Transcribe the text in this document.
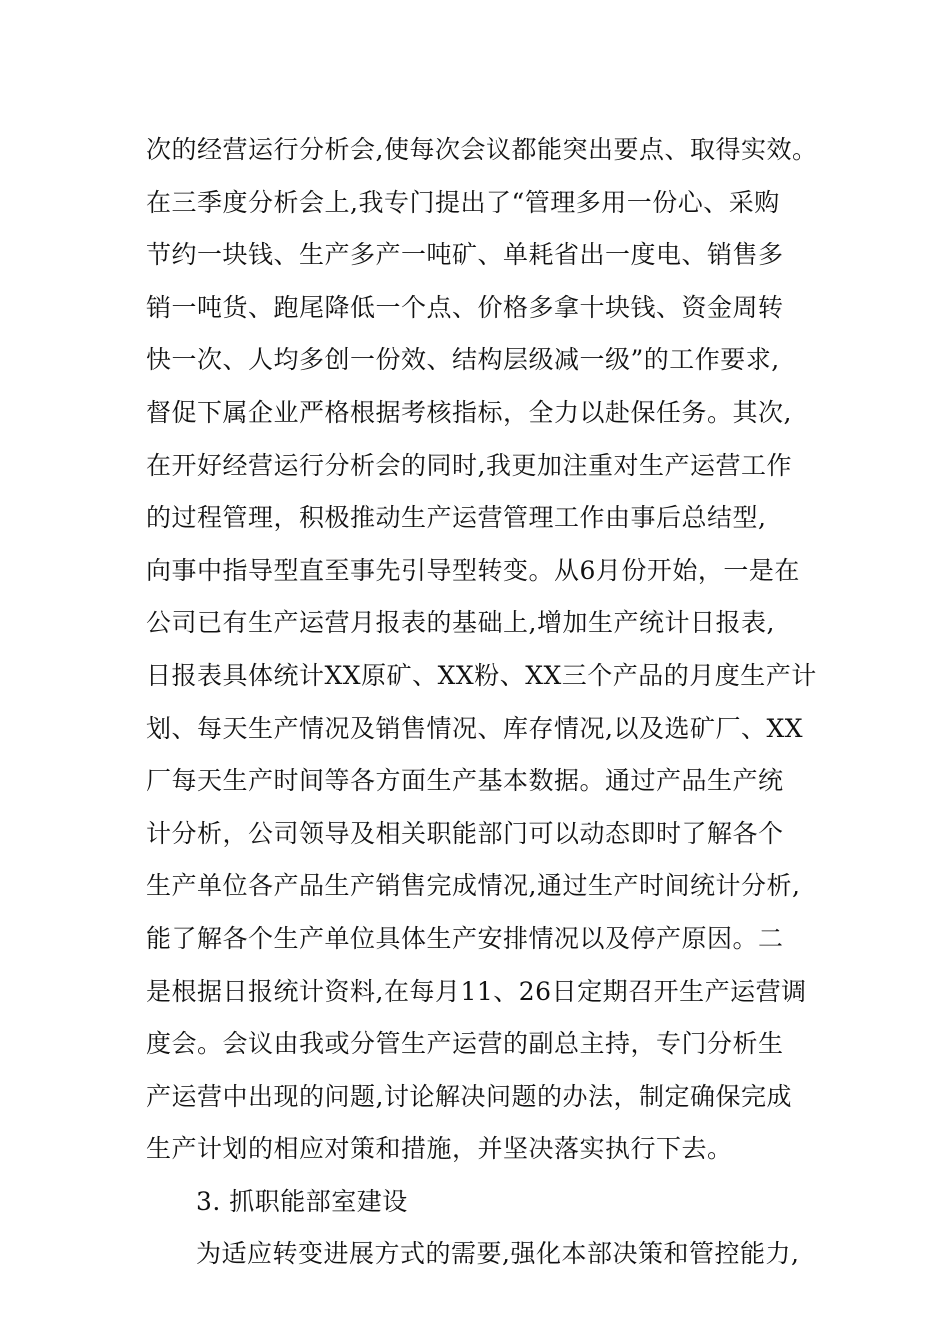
次的经营运行分析会,使每次会议都能突出要点、取得实效。
在三季度分析会上,我专门提出了“管理多用一份心、采购
节约一块钱、生产多产一吨矿、单耗省出一度电、销售多
销一吨货、跑尾降低一个点、价格多拿十块钱、资金周转
快一次、人均多创一份效、结构层级减一级”的工作要求,
督促下属企业严格根据考核指标，全力以赴保任务。其次,
在开好经营运行分析会的同时,我更加注重对生产运营工作
的过程管理，积极推动生产运营管理工作由事后总结型,
向事中指导型直至事先引导型转变。从6月份开始，一是在
公司已有生产运营月报表的基础上,增加生产统计日报表,
日报表具体统计XX原矿、XX粉、XX三个产品的月度生产计
划、每天生产情况及销售情况、库存情况,以及选矿厂、XX
厂每天生产时间等各方面生产基本数据。通过产品生产统
计分析，公司领导及相关职能部门可以动态即时了解各个
生产单位各产品生产销售完成情况,通过生产时间统计分析,
能了解各个生产单位具体生产安排情况以及停产原因。二
是根据日报统计资料,在每月11、26日定期召开生产运营调
度会。会议由我或分管生产运营的副总主持，专门分析生
产运营中出现的问题,讨论解决问题的办法，制定确保完成
生产计划的相应对策和措施，并坚决落实执行下去。
3. 抓职能部室建设
为适应转变进展方式的需要,强化本部决策和管控能力,
